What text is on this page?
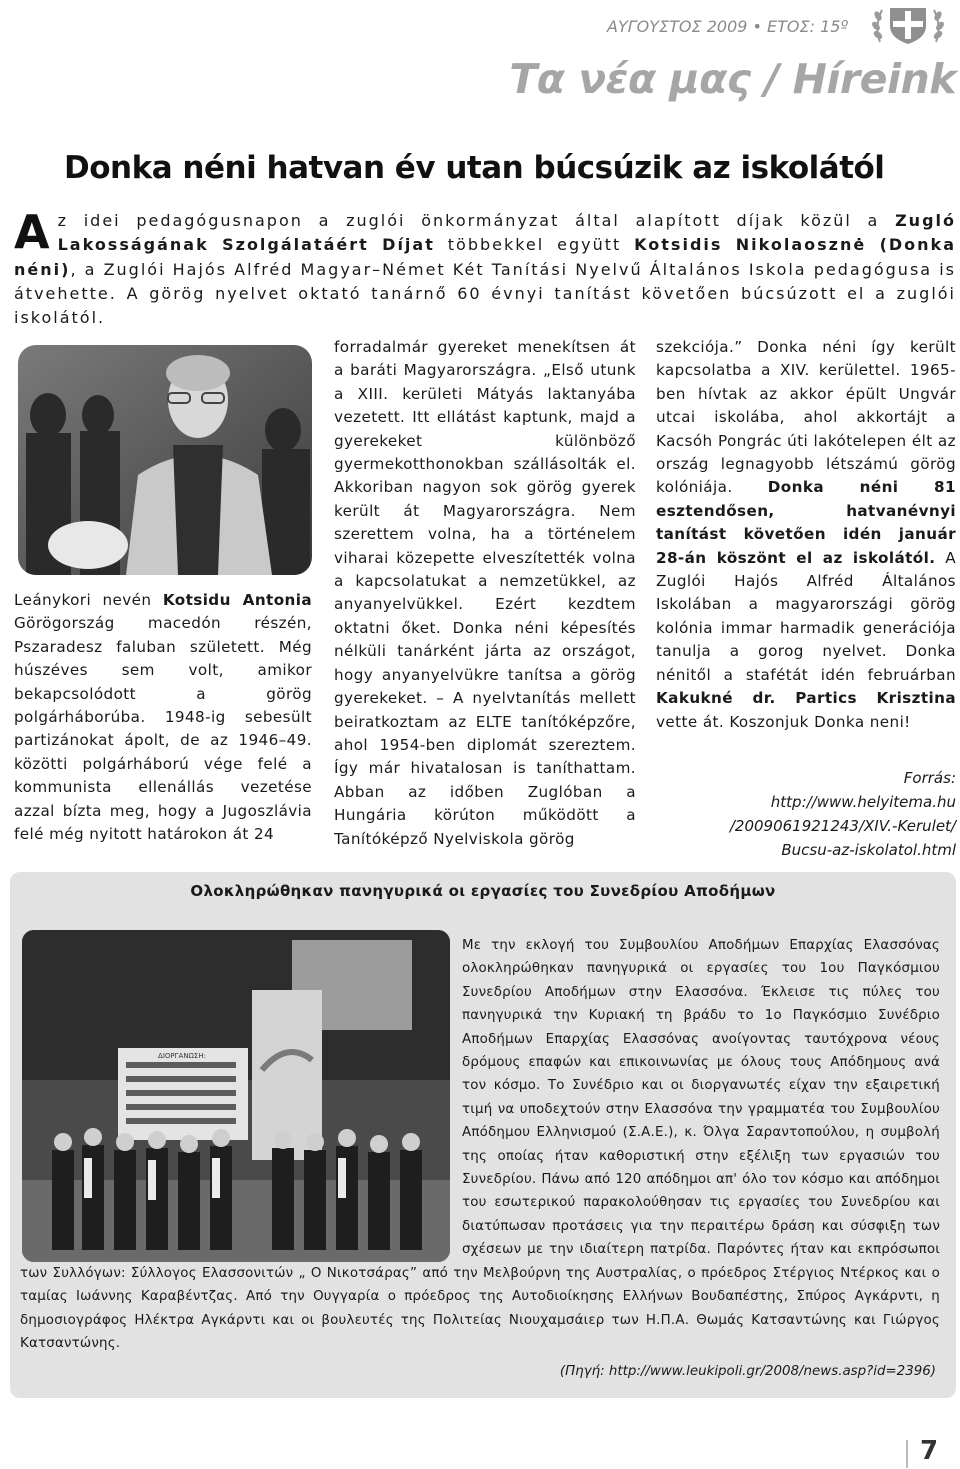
ΑΥΓΟΥΣΤΟΣ 2009 • ΕΤΟΣ: 15º
Τα νέα μας / Híreink
Donka néni hatvan év utan búcsúzik az iskolától
Az idei pedagógusnapon a zuglói önkormányzat által alapított díjak közül a Zugló Lakosságának Szolgálatáért Díjat többekkel együtt Kotsidis Nikolaosznė (Donka néni), a Zuglói Hajós Alfréd Magyar–Német Két Tanítási Nyelvű Általános Iskola pedagógusa is átvehette. A görög nyelvet oktató tanárnő 60 évnyi tanítást követően búcsúzott el a zuglói iskolától.
Leánykori nevén Kotsidu Antonia Görögország macedón részén, Pszaradesz faluban született. Még húszéves sem volt, amikor bekapcsolódott a görög polgárháborúba. 1948-ig sebesült partizánokat ápolt, de az 1946–49. közötti polgárháború vége felé a kommunista ellenállás vezetése azzal bízta meg, hogy a Jugoszlávia felé még nyitott határokon át 24
forradalmár gyereket menekítsen át a baráti Magyarországra. „Első utunk a XIII. kerületi Mátyás laktanyába vezetett. Itt ellátást kaptunk, majd a gyerekeket különböző gyermekotthonokban szállásolták el. Akkoriban nagyon sok görög gyerek került át Magyarországra. Nem szerettem volna, ha a történelem viharai közepette elveszítették volna a kapcsolatukat a nemzetükkel, az anyanyelvükkel. Ezért kezdtem oktatni őket. Donka néni képesítés nélküli tanárként járta az országot, hogy anyanyelvükre tanítsa a görög gyerekeket. – A nyelvtanítás mellett beiratkoztam az ELTE tanítóképzőre, ahol 1954-ben diplomát szereztem. Így már hivatalosan is taníthattam. Abban az időben Zuglóban a Hungária körúton működött a Tanítóképző Nyelviskola görög
szekciója.” Donka néni így került kapcsolatba a XIV. kerülettel. 1965-ben hívtak az akkor épült Ungvár utcai iskolába, ahol akkortájt a Kacsóh Pongrác úti lakótelepen élt az ország legnagyobb létszámú görög kolóniája. Donka néni 81 esztendősen, hatvanévnyi tanítást követően idén január 28-án köszönt el az iskolától. A Zuglói Hajós Alfréd Általános Iskolában a magyarországi görög kolónia immar harmadik generációja tanulja a gorog nyelvet. Donka nénitől a stafétát idén februárban Kakukné dr. Partics Krisztina vette át. Koszonjuk Donka neni!
Forrás:
http://www.helyitema.hu
/2009061921243/XIV.-Kerulet/
Bucsu-az-iskolatol.html
Ολοκληρώθηκαν πανηγυρικά οι εργασίες του Συνεδρίου Αποδήμων
ΔΙΟΡΓΑΝΩΣΗ:
Με την εκλογή του Συμβουλίου Αποδήμων Επαρχίας Ελασσόνας ολοκληρώθηκαν πανηγυρικά οι εργασίες του 1ου Παγκόσμιου Συνεδρίου Αποδήμων στην Ελασσόνα. Έκλεισε τις πύλες του πανηγυρικά την Κυριακή τη βράδυ το 1ο Παγκόσμιο Συνέδριο Αποδήμων Επαρχίας Ελασσόνας ανοίγοντας ταυτόχρονα νέους δρόμους επαφών και επικοινωνίας με όλους τους Απόδημους ανά τον κόσμο. Το Συνέδριο και οι διοργανωτές είχαν την εξαιρετική τιμή να υποδεχτούν στην Ελασσόνα την γραμματέα του Συμβουλίου Απόδημου Ελληνισμού (Σ.Α.Ε.), κ. Όλγα Σαραντοπούλου, η συμβολή της οποίας ήταν καθοριστική στην εξέλιξη των εργασιών του Συνεδρίου. Πάνω από 120 απόδημοι απ' όλο τον κόσμο και απόδημοι του εσωτερικού παρακολούθησαν τις εργασίες του Συνεδρίου και διατύπωσαν προτάσεις για την περαιτέρω δράση και σύσφιξη των σχέσεων με την ιδιαίτερη πατρίδα. Παρόντες ήταν και εκπρόσωποι των Συλλόγων: Σύλλογος Ελασσονιτών „ Ο Νικοτσάρας” από την Μελβούρνη της Αυστραλίας, ο πρόεδρος Στέργιος Ντέρκος και ο ταμίας Ιωάννης Καραβέντζας. Από την Ουγγαρία ο πρόεδρος της Αυτοδιοίκησης Ελλήνων Βουδαπέστης, Σπύρος Αγκάρντι, η δημοσιογράφος Ηλέκτρα Αγκάρντι και οι βουλευτές της Πολιτείας Νιουχαμσάιερ των Η.Π.Α. Θωμάς Κατσαντώνης και Γιώργος Κατσαντώνης.
(Πηγή: http://www.leukipoli.gr/2008/news.asp?id=2396)
7
